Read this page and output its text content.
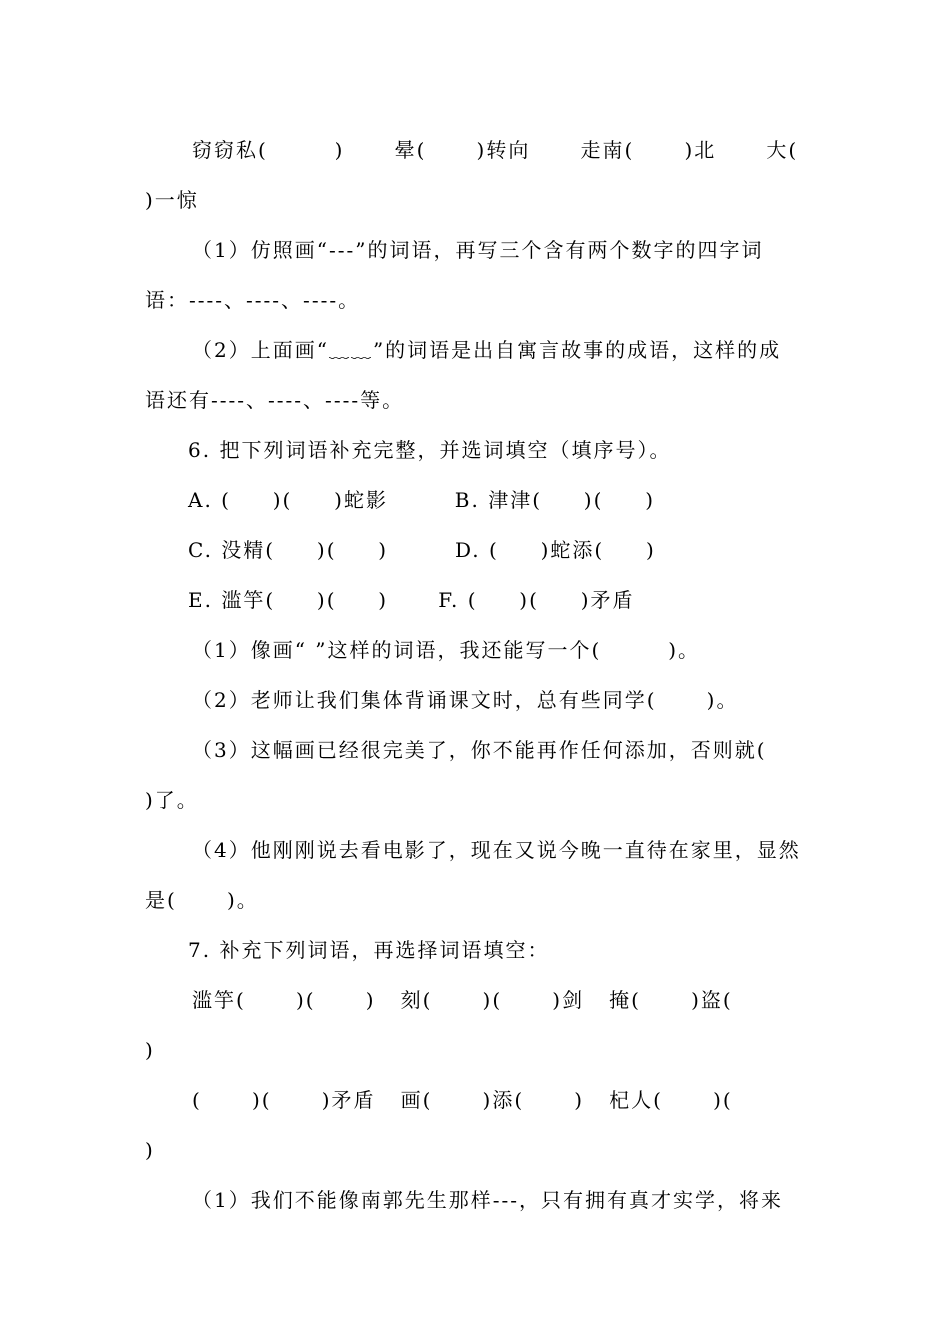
窃窃私(        )      晕(      )转向      走南(      )北      大(
)一惊
（1）仿照画“---”的词语，再写三个含有两个数字的四字词
语：----、----、----。
（2）上面画“﹏﹏”的词语是出自寓言故事的成语，这样的成
语还有----、----、----等。
6. 把下列词语补充完整，并选词填空（填序号）。
A. (     )(     )蛇影        B. 津津(     )(     )
C. 没精(     )(     )        D. (     )蛇添(     )
E. 滥竽(     )(     )      F. (     )(     )矛盾
（1）像画“ ”这样的词语，我还能写一个(        )。
（2）老师让我们集体背诵课文时，总有些同学(      )。
（3）这幅画已经很完美了，你不能再作任何添加，否则就(
)了。
（4）他刚刚说去看电影了，现在又说今晚一直待在家里，显然
是(      )。
7. 补充下列词语，再选择词语填空：
滥竽(      )(      )   刻(      )(      )剑   掩(      )盗(
)
(      )(      )矛盾   画(      )添(      )   杞人(      )(
)
（1）我们不能像南郭先生那样---，只有拥有真才实学，将来
